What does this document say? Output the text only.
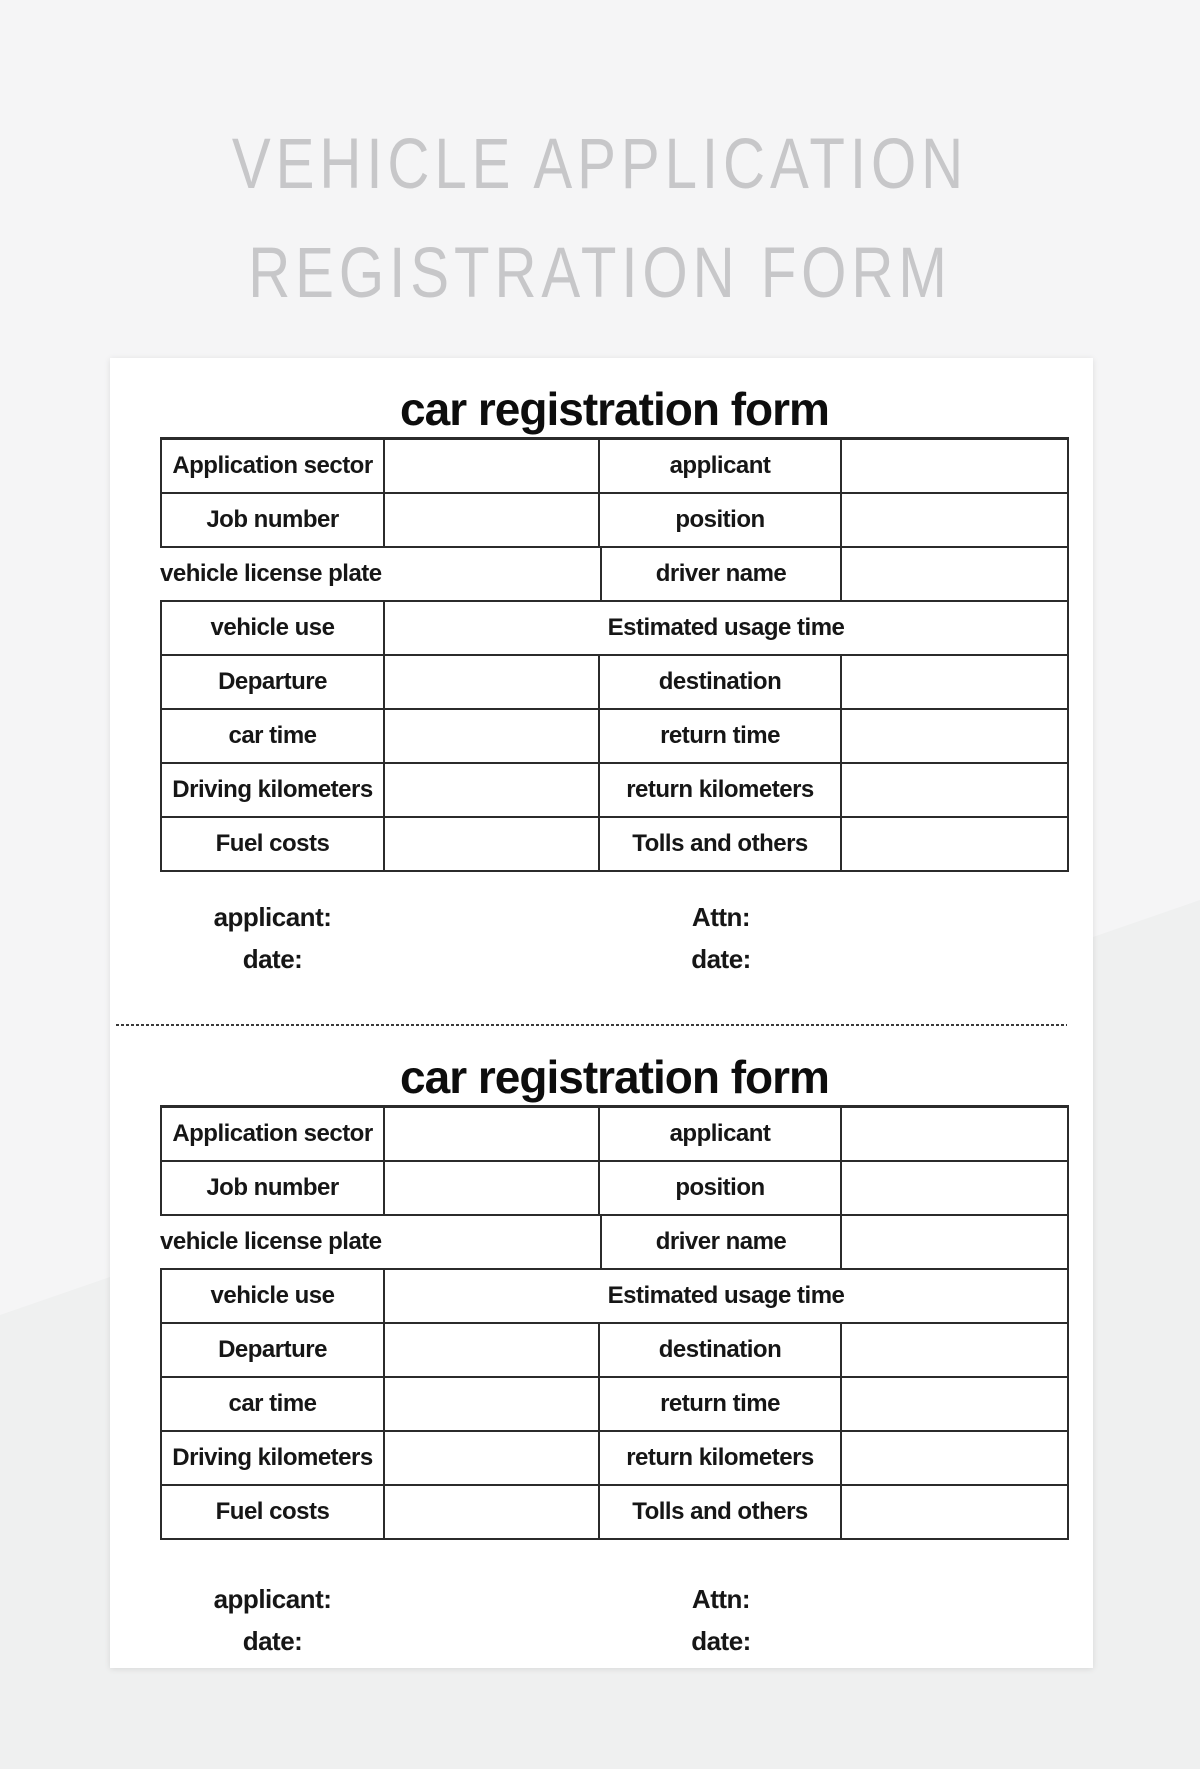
VEHICLE APPLICATION
REGISTRATION FORM
car registration form
Application sector	applicant
Job number	position
vehicle license plate	driver name
vehicle use	Estimated usage time
Departure	destination
car time	return time
Driving kilometers	return kilometers
Fuel costs	Tolls and others
applicant:	Attn:
date:	date:
car registration form
Application sector	applicant
Job number	position
vehicle license plate	driver name
vehicle use	Estimated usage time
Departure	destination
car time	return time
Driving kilometers	return kilometers
Fuel costs	Tolls and others
applicant:	Attn:
date:	date:
